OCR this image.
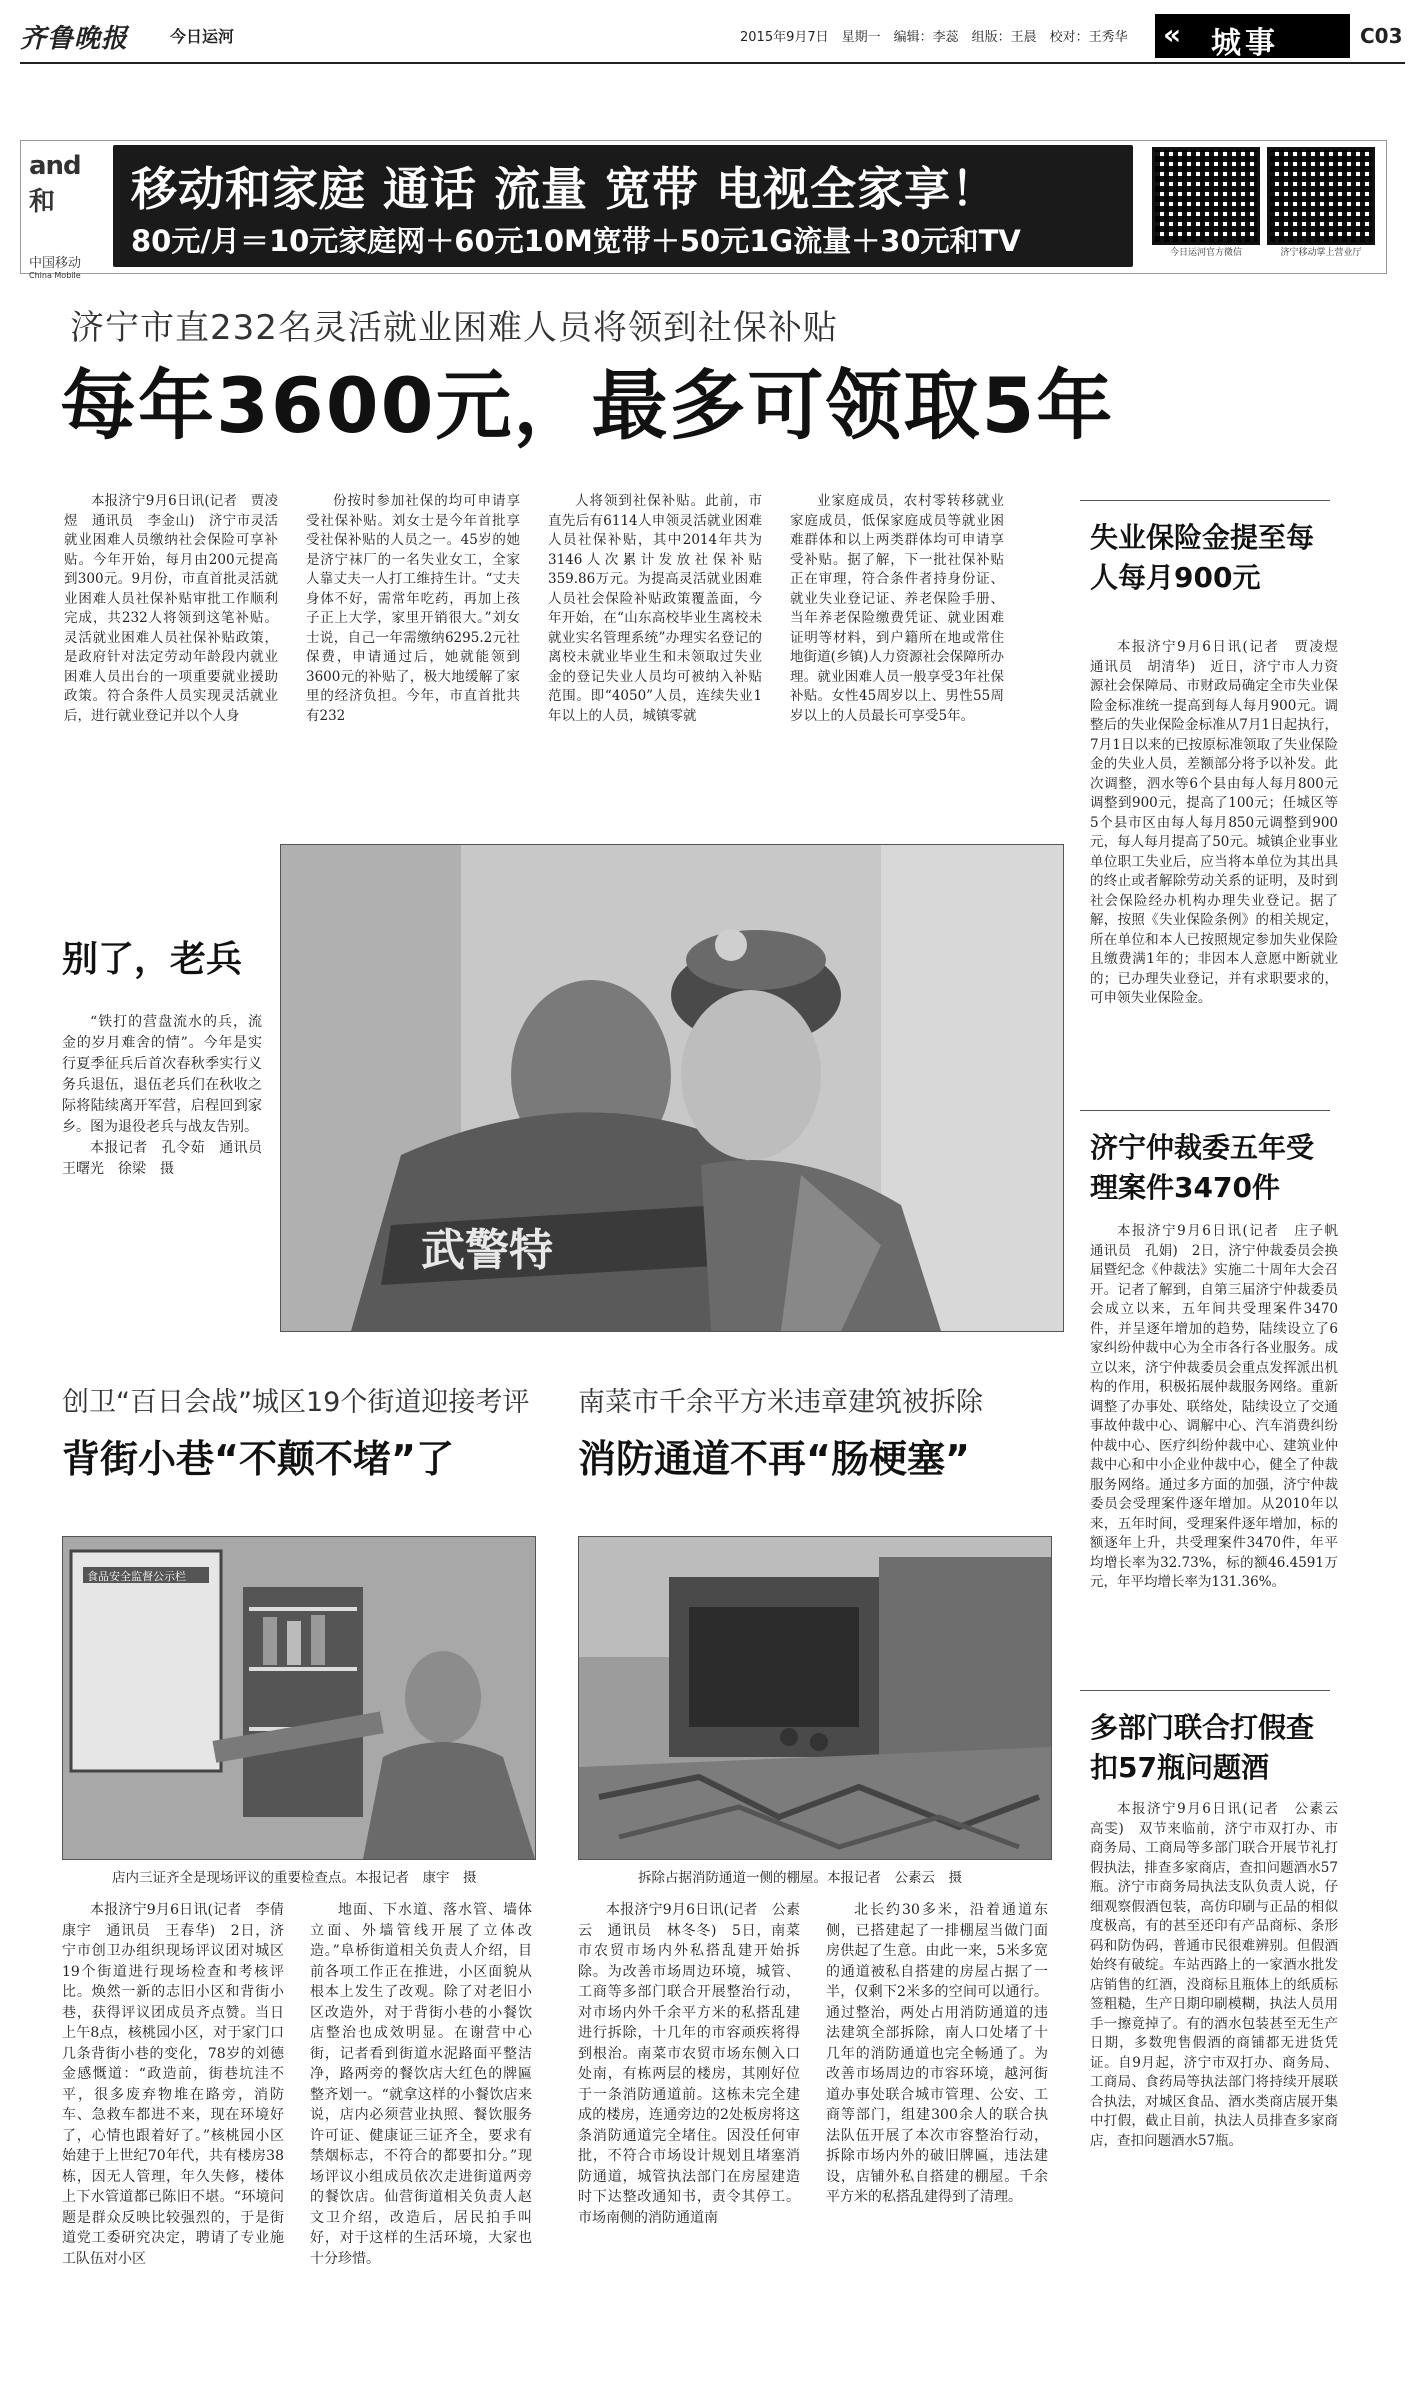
齐鲁晚报	今日运河	2015年9月7日　星期一　编辑：李蕊　组版：王晨　校对：王秀华 « 城事	C03
and和
中国移动
China Mobile
移动和家庭 通话 流量 宽带 电视全家享！
80元/月＝10元家庭网＋60元10M宽带＋50元1G流量＋30元和TV	今日运河官方微信	济宁移动掌上营业厅
济宁市直232名灵活就业困难人员将领到社保补贴
每年3600元，最多可领取5年

本报济宁9月6日讯(记者　贾凌煜　通讯员　李金山)　济宁市灵活就业困难人员缴纳社会保险可享补贴。今年开始，每月由200元提高到300元。9月份，市直首批灵活就业困难人员社保补贴审批工作顺利完成，共232人将领到这笔补贴。灵活就业困难人员社保补贴政策，是政府针对法定劳动年龄段内就业困难人员出台的一项重要就业援助政策。符合条件人员实现灵活就业后，进行就业登记并以个人身

份按时参加社保的均可申请享受社保补贴。刘女士是今年首批享受社保补贴的人员之一。45岁的她是济宁袜厂的一名失业女工，全家人靠丈夫一人打工维持生计。“丈夫身体不好，需常年吃药，再加上孩子正上大学，家里开销很大。”刘女士说，自己一年需缴纳6295.2元社保费，申请通过后，她就能领到3600元的补贴了，极大地缓解了家里的经济负担。今年，市直首批共有232

人将领到社保补贴。此前，市直先后有6114人申领灵活就业困难人员社保补贴，其中2014年共为3146人次累计发放社保补贴359.86万元。为提高灵活就业困难人员社会保险补贴政策覆盖面，今年开始，在“山东高校毕业生离校未就业实名管理系统”办理实名登记的离校未就业毕业生和未领取过失业金的登记失业人员均可被纳入补贴范围。即“4050”人员，连续失业1年以上的人员，城镇零就

业家庭成员，农村零转移就业家庭成员，低保家庭成员等就业困难群体和以上两类群体均可申请享受补贴。据了解，下一批社保补贴正在审理，符合条件者持身份证、就业失业登记证、养老保险手册、当年养老保险缴费凭证、就业困难证明等材料，到户籍所在地或常住地街道(乡镇)人力资源社会保障所办理。就业困难人员一般享受3年社保补贴。女性45周岁以上、男性55周岁以上的人员最长可享受5年。

失业保险金提至每人每月900元

本报济宁9月6日讯(记者　贾凌煜　通讯员　胡清华)　近日，济宁市人力资源社会保障局、市财政局确定全市失业保险金标准统一提高到每人每月900元。调整后的失业保险金标准从7月1日起执行，7月1日以来的已按原标准领取了失业保险金的失业人员，差额部分将予以补发。此次调整，泗水等6个县由每人每月800元调整到900元，提高了100元；任城区等5个县市区由每人每月850元调整到900元，每人每月提高了50元。城镇企业事业单位职工失业后，应当将本单位为其出具的终止或者解除劳动关系的证明，及时到社会保险经办机构办理失业登记。据了解，按照《失业保险条例》的相关规定，所在单位和本人已按照规定参加失业保险且缴费满1年的；非因本人意愿中断就业的；已办理失业登记，并有求职要求的，可申领失业保险金。

济宁仲裁委五年受理案件3470件

本报济宁9月6日讯(记者　庄子帆　通讯员　孔娟)　2日，济宁仲裁委员会换届暨纪念《仲裁法》实施二十周年大会召开。记者了解到，自第三届济宁仲裁委员会成立以来，五年间共受理案件3470件，并呈逐年增加的趋势，陆续设立了6家纠纷仲裁中心为全市各行各业服务。成立以来，济宁仲裁委员会重点发挥派出机构的作用，积极拓展仲裁服务网络。重新调整了办事处、联络处，陆续设立了交通事故仲裁中心、调解中心、汽车消费纠纷仲裁中心、医疗纠纷仲裁中心、建筑业仲裁中心和中小企业仲裁中心，健全了仲裁服务网络。通过多方面的加强，济宁仲裁委员会受理案件逐年增加。从2010年以来，五年时间，受理案件逐年增加，标的额逐年上升，共受理案件3470件，年平均增长率为32.73%，标的额46.4591万元，年平均增长率为131.36%。

多部门联合打假查扣57瓶问题酒

本报济宁9月6日讯(记者　公素云　高雯)　双节来临前，济宁市双打办、市商务局、工商局等多部门联合开展节礼打假执法，排查多家商店，查扣问题酒水57瓶。济宁市商务局执法支队负责人说，仔细观察假酒包装，高仿印刷与正品的相似度极高，有的甚至还印有产品商标、条形码和防伪码，普通市民很难辨别。但假酒始终有破绽。车站西路上的一家酒水批发店销售的红酒，没商标且瓶体上的纸质标签粗糙，生产日期印刷模糊，执法人员用手一擦竟掉了。有的酒水包装甚至无生产日期，多数兜售假酒的商铺都无进货凭证。自9月起，济宁市双打办、商务局、工商局、食药局等执法部门将持续开展联合执法，对城区食品、酒水类商店展开集中打假，截止目前，执法人员排查多家商店，查扣问题酒水57瓶。

别了，老兵

“铁打的营盘流水的兵，流金的岁月难舍的情”。今年是实行夏季征兵后首次春秋季实行义务兵退伍，退伍老兵们在秋收之际将陆续离开军营，启程回到家乡。图为退役老兵与战友告别。

本报记者　孔令茹　通讯员　王曙光　徐梁　摄

武警特
创卫“百日会战”城区19个街道迎接考评
背街小巷“不颠不堵”了
食品安全监督公示栏
店内三证齐全是现场评议的重要检查点。本报记者　康宇　摄

本报济宁9月6日讯(记者　李倩　康宇　通讯员　王春华)　2日，济宁市创卫办组织现场评议团对城区19个街道进行现场检查和考核评比。焕然一新的志旧小区和背街小巷，获得评议团成员齐点赞。当日上午8点，核桃园小区，对于家门口几条背街小巷的变化，78岁的刘德金感慨道：“政造前，街巷坑洼不平，很多废弃物堆在路旁，消防车、急救车都进不来，现在环境好了，心情也跟着好了。”核桃园小区始建于上世纪70年代，共有楼房38栋，因无人管理，年久失修，楼体上下水管道都已陈旧不堪。“环境问题是群众反映比较强烈的，于是街道党工委研究决定，聘请了专业施工队伍对小区

地面、下水道、落水管、墙体立面、外墙管线开展了立体改造。”阜桥街道相关负责人介绍，目前各项工作正在推进，小区面貌从根本上发生了改观。除了对老旧小区改造外，对于背街小巷的小餐饮店整治也成效明显。在谢营中心街，记者看到街道水泥路面平整洁净，路两旁的餐饮店大红色的牌匾整齐划一。“就拿这样的小餐饮店来说，店内必须营业执照、餐饮服务许可证、健康证三证齐全，要求有禁烟标志，不符合的都要扣分。”现场评议小组成员依次走进街道两旁的餐饮店。仙营街道相关负责人赵文卫介绍，改造后，居民拍手叫好，对于这样的生活环境，大家也十分珍惜。

南菜市千余平方米违章建筑被拆除
消防通道不再“肠梗塞”
拆除占据消防通道一侧的棚屋。本报记者　公素云　摄

本报济宁9月6日讯(记者　公素云　通讯员　林冬冬)　5日，南菜市农贸市场内外私搭乱建开始拆除。为改善市场周边环境，城管、工商等多部门联合开展整治行动，对市场内外千余平方米的私搭乱建进行拆除，十几年的市容顽疾将得到根治。南菜市农贸市场东侧入口处南，有栋两层的楼房，其刚好位于一条消防通道前。这栋未完全建成的楼房，连通旁边的2处板房将这条消防通道完全堵住。因没任何审批，不符合市场设计规划且堵塞消防通道，城管执法部门在房屋建造时下达整改通知书，责令其停工。市场南侧的消防通道南

北长约30多米，沿着通道东侧，已搭建起了一排棚屋当做门面房供起了生意。由此一来，5米多宽的通道被私自搭建的房屋占据了一半，仅剩下2米多的空间可以通行。通过整治，两处占用消防通道的违法建筑全部拆除，南人口处堵了十几年的消防通道也完全畅通了。为改善市场周边的市容环境，越河街道办事处联合城市管理、公安、工商等部门，组建300余人的联合执法队伍开展了本次市容整治行动，拆除市场内外的破旧牌匾，违法建设，店铺外私自搭建的棚屋。千余平方米的私搭乱建得到了清理。
